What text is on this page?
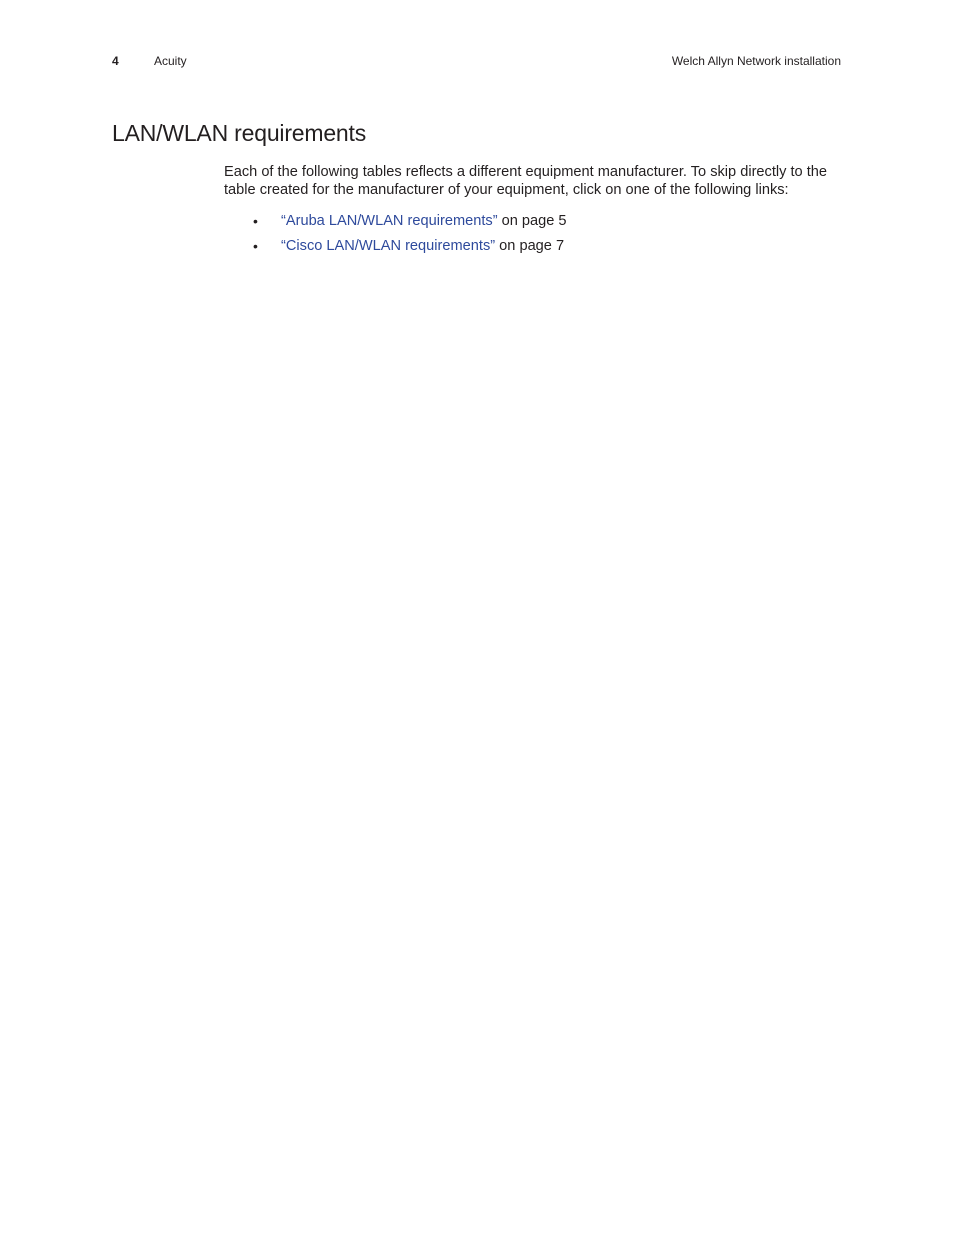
4	Acuity	Welch Allyn Network installation
LAN/WLAN requirements

Each of the following tables reflects a different equipment manufacturer. To skip directly to the table created for the manufacturer of your equipment, click on one of the following links:

• “Aruba LAN/WLAN requirements” on page 5
• “Cisco LAN/WLAN requirements” on page 7
